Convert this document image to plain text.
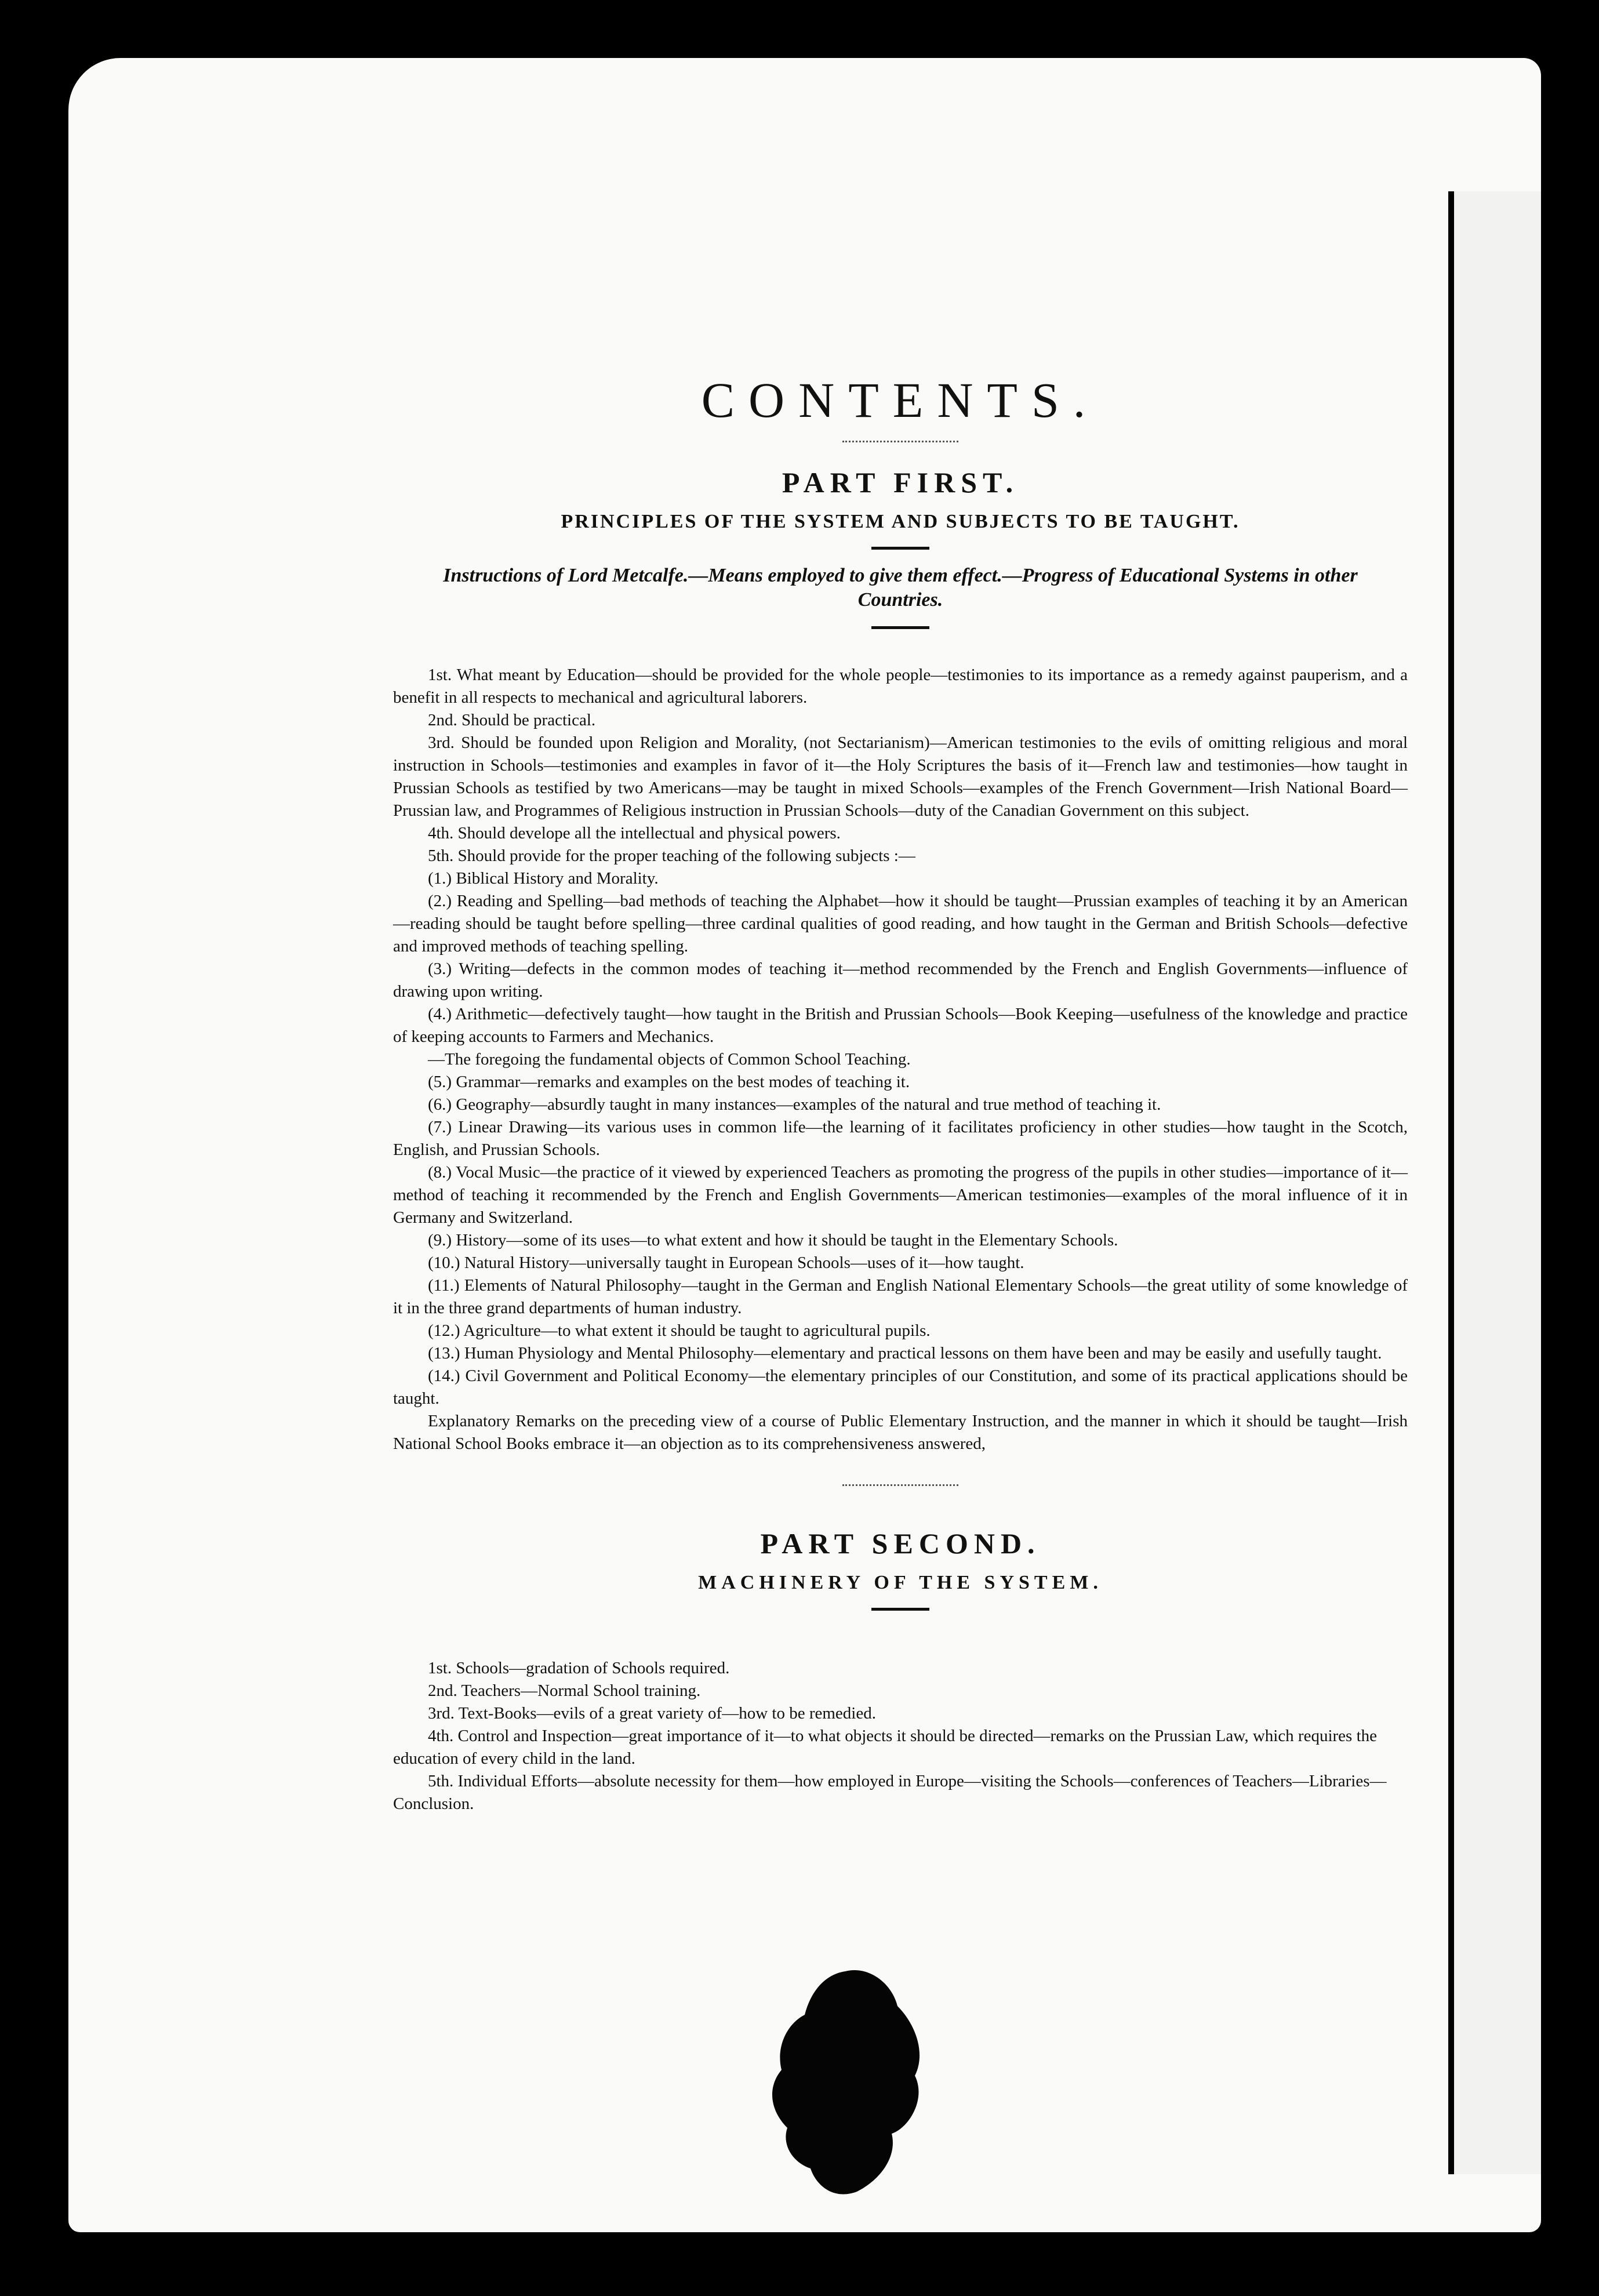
CONTENTS.
PART FIRST.
PRINCIPLES OF THE SYSTEM AND SUBJECTS TO BE TAUGHT.
Instructions of Lord Metcalfe.—Means employed to give them effect.—Progress of Educational Systems in other Countries.

1st. What meant by Education—should be provided for the whole people—testimonies to its importance as a remedy against pauperism, and a benefit in all respects to mechanical and agricultural laborers.

2nd. Should be practical.

3rd. Should be founded upon Religion and Morality, (not Sectarianism)—American testimonies to the evils of omitting religious and moral instruction in Schools—testimonies and examples in favor of it—the Holy Scriptures the basis of it—French law and testimonies—how taught in Prussian Schools as testified by two Americans—may be taught in mixed Schools—examples of the French Government—Irish National Board—Prussian law, and Programmes of Religious instruction in Prussian Schools—duty of the Canadian Government on this subject.

4th. Should develope all the intellectual and physical powers.

5th. Should provide for the proper teaching of the following subjects :—

(1.) Biblical History and Morality.

(2.) Reading and Spelling—bad methods of teaching the Alphabet—how it should be taught—Prussian examples of teaching it by an American—reading should be taught before spelling—three cardinal qualities of good reading, and how taught in the German and British Schools—defective and improved methods of teaching spelling.

(3.) Writing—defects in the common modes of teaching it—method recommended by the French and English Governments—influence of drawing upon writing.

(4.) Arithmetic—defectively taught—how taught in the British and Prussian Schools—Book Keeping—usefulness of the knowledge and practice of keeping accounts to Farmers and Mechanics.

—The foregoing the fundamental objects of Common School Teaching.

(5.) Grammar—remarks and examples on the best modes of teaching it.

(6.) Geography—absurdly taught in many instances—examples of the natural and true method of teaching it.

(7.) Linear Drawing—its various uses in common life—the learning of it facilitates proficiency in other studies—how taught in the Scotch, English, and Prussian Schools.

(8.) Vocal Music—the practice of it viewed by experienced Teachers as promoting the progress of the pupils in other studies—importance of it—method of teaching it recommended by the French and English Governments—American testimonies—examples of the moral influence of it in Germany and Switzerland.

(9.) History—some of its uses—to what extent and how it should be taught in the Elementary Schools.

(10.) Natural History—universally taught in European Schools—uses of it—how taught.

(11.) Elements of Natural Philosophy—taught in the German and English National Elementary Schools—the great utility of some knowledge of it in the three grand departments of human industry.

(12.) Agriculture—to what extent it should be taught to agricultural pupils.

(13.) Human Physiology and Mental Philosophy—elementary and practical lessons on them have been and may be easily and usefully taught.

(14.) Civil Government and Political Economy—the elementary principles of our Constitution, and some of its practical applications should be taught.

Explanatory Remarks on the preceding view of a course of Public Elementary Instruction, and the manner in which it should be taught—Irish National School Books embrace it—an objection as to its comprehensiveness answered,

PART SECOND.
MACHINERY OF THE SYSTEM.

1st. Schools—gradation of Schools required.

2nd. Teachers—Normal School training.

3rd. Text-Books—evils of a great variety of—how to be remedied.

4th. Control and Inspection—great importance of it—to what objects it should be directed—remarks on the Prussian Law, which requires the education of every child in the land.

5th. Individual Efforts—absolute necessity for them—how employed in Europe—visiting the Schools—conferences of Teachers—Libraries—Conclusion.
